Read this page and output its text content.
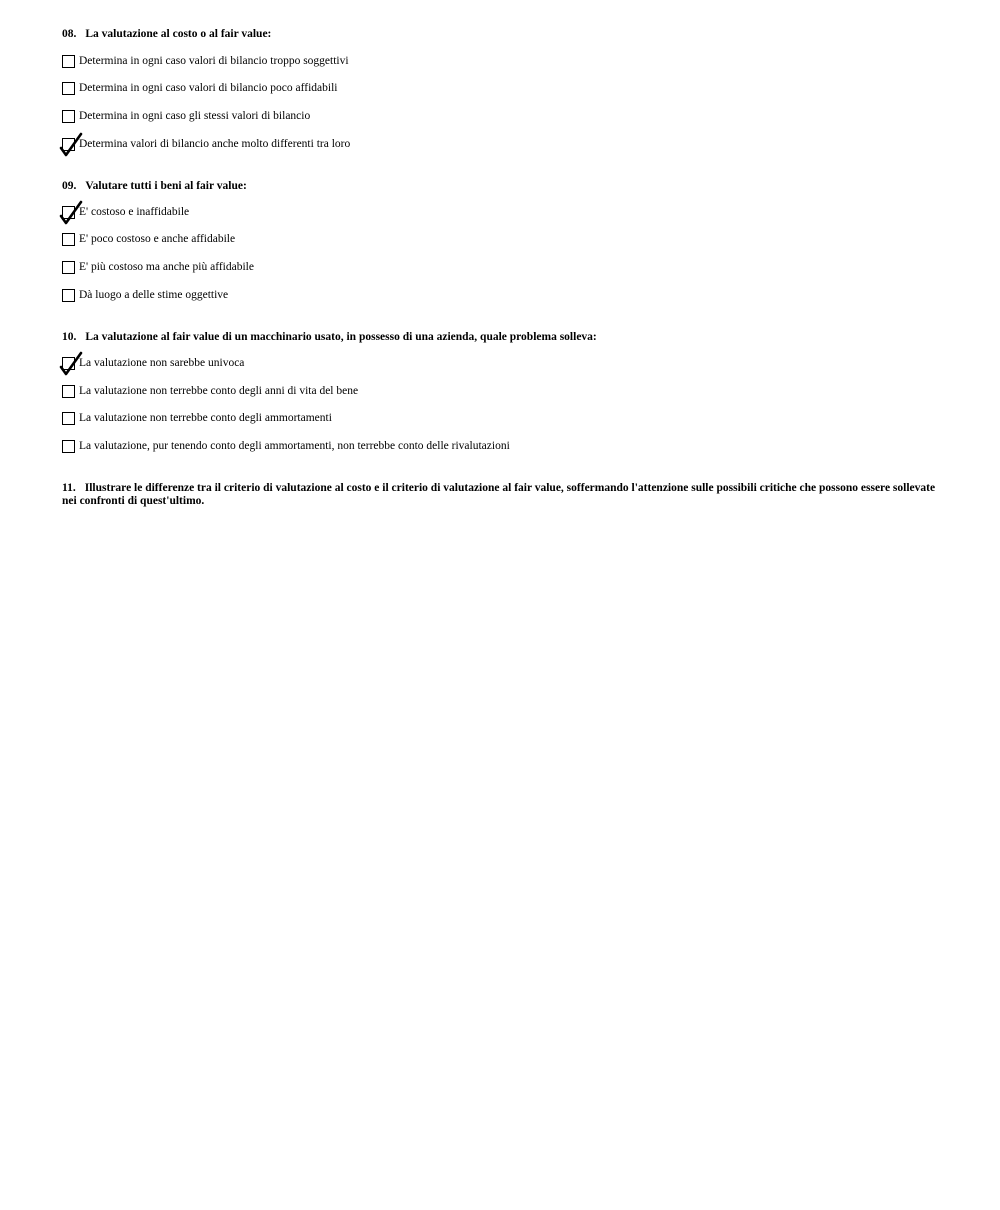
08. La valutazione al costo o al fair value:
Determina in ogni caso valori di bilancio troppo soggettivi
Determina in ogni caso valori di bilancio poco affidabili
Determina in ogni caso gli stessi valori di bilancio
Determina valori di bilancio anche molto differenti tra loro
09. Valutare tutti i beni al fair value:
E' costoso e inaffidabile
E' poco costoso e anche affidabile
E' più costoso ma anche più affidabile
Dà luogo a delle stime oggettive
10. La valutazione al fair value di un macchinario usato, in possesso di una azienda, quale problema solleva:
La valutazione non sarebbe univoca
La valutazione non terrebbe conto degli anni di vita del bene
La valutazione non terrebbe conto degli ammortamenti
La valutazione, pur tenendo conto degli ammortamenti, non terrebbe conto delle rivalutazioni
11. Illustrare le differenze tra il criterio di valutazione al costo e il criterio di valutazione al fair value, soffermando l'attenzione sulle possibili critiche che possono essere sollevate nei confronti di quest'ultimo.
